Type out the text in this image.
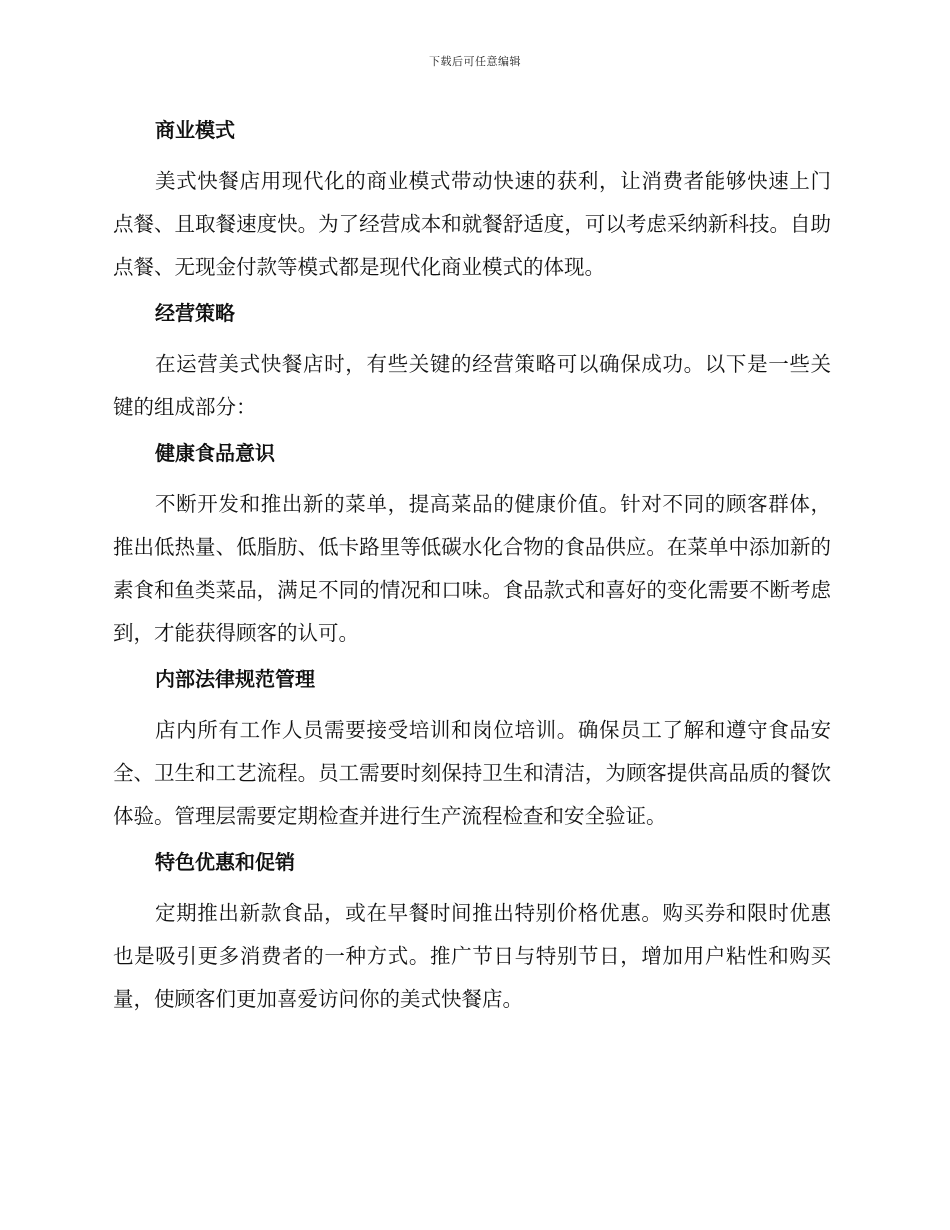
下载后可任意编辑
商业模式

美式快餐店用现代化的商业模式带动快速的获利，让消费者能够快速上门点餐、且取餐速度快。为了经营成本和就餐舒适度，可以考虑采纳新科技。自助点餐、无现金付款等模式都是现代化商业模式的体现。

经营策略

在运营美式快餐店时，有些关键的经营策略可以确保成功。以下是一些关键的组成部分：

健康食品意识

不断开发和推出新的菜单，提高菜品的健康价值。针对不同的顾客群体，推出低热量、低脂肪、低卡路里等低碳水化合物的食品供应。在菜单中添加新的素食和鱼类菜品，满足不同的情况和口味。食品款式和喜好的变化需要不断考虑到，才能获得顾客的认可。

内部法律规范管理

店内所有工作人员需要接受培训和岗位培训。确保员工了解和遵守食品安全、卫生和工艺流程。员工需要时刻保持卫生和清洁，为顾客提供高品质的餐饮体验。管理层需要定期检查并进行生产流程检查和安全验证。

特色优惠和促销

定期推出新款食品，或在早餐时间推出特别价格优惠。购买券和限时优惠也是吸引更多消费者的一种方式。推广节日与特别节日，增加用户粘性和购买量，使顾客们更加喜爱访问你的美式快餐店。
